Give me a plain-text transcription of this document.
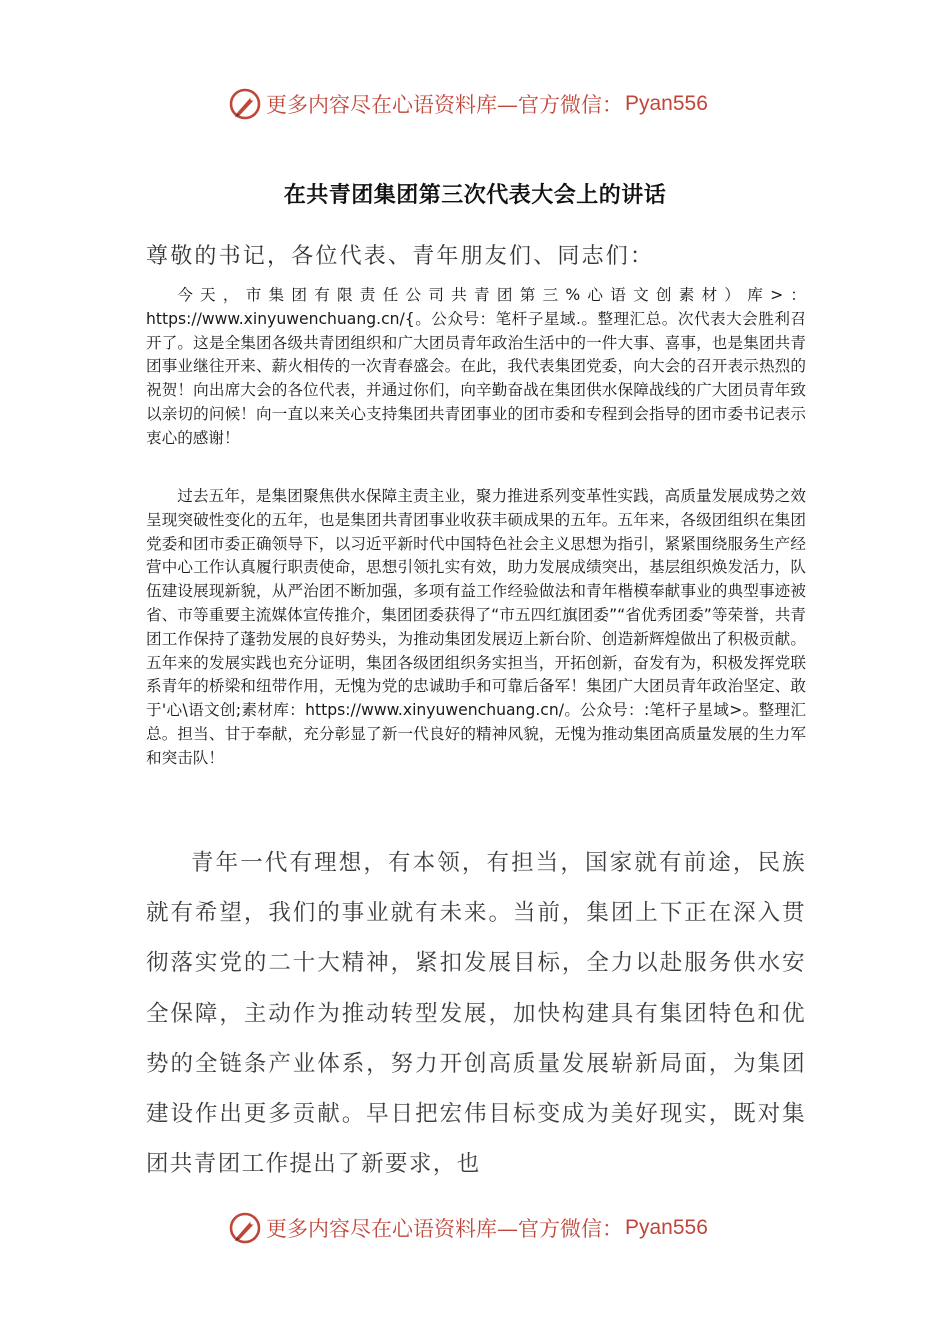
更多内容尽在心语资料库—官方微信： Pyan556
在共青团集团第三次代表大会上的讲话
尊敬的书记，各位代表、青年朋友们、同志们：

今天，市集团有限责任公司共青团第三%心语文创素材）库>：https://www.xinyuwenchuang.cn/{。公众号：笔杆子星域.。整理汇总。次代表大会胜利召开了。这是全集团各级共青团组织和广大团员青年政治生活中的一件大事、喜事，也是集团共青团事业继往开来、薪火相传的一次青春盛会。在此，我代表集团党委，向大会的召开表示热烈的祝贺！向出席大会的各位代表，并通过你们，向辛勤奋战在集团供水保障战线的广大团员青年致以亲切的问候！向一直以来关心支持集团共青团事业的团市委和专程到会指导的团市委书记表示衷心的感谢！

过去五年，是集团聚焦供水保障主责主业，聚力推进系列变革性实践，高质量发展成势之效呈现突破性变化的五年，也是集团共青团事业收获丰硕成果的五年。五年来，各级团组织在集团党委和团市委正确领导下，以习近平新时代中国特色社会主义思想为指引，紧紧围绕服务生产经营中心工作认真履行职责使命，思想引领扎实有效，助力发展成绩突出，基层组织焕发活力，队伍建设展现新貌，从严治团不断加强，多项有益工作经验做法和青年楷模奉献事业的典型事迹被省、市等重要主流媒体宣传推介，集团团委获得了“市五四红旗团委”“省优秀团委”等荣誉，共青团工作保持了蓬勃发展的良好势头，为推动集团发展迈上新台阶、创造新辉煌做出了积极贡献。五年来的发展实践也充分证明，集团各级团组织务实担当，开拓创新，奋发有为，积极发挥党联系青年的桥梁和纽带作用，无愧为党的忠诚助手和可靠后备军！集团广大团员青年政治坚定、敢于'心\语文创;素材库：https://www.xinyuwenchuang.cn/。公众号：:笔杆子星域>。整理汇总。担当、甘于奉献，充分彰显了新一代良好的精神风貌，无愧为推动集团高质量发展的生力军和突击队！

青年一代有理想，有本领，有担当，国家就有前途，民族就有希望，我们的事业就有未来。当前，集团上下正在深入贯彻落实党的二十大精神，紧扣发展目标，全力以赴服务供水安全保障，主动作为推动转型发展，加快构建具有集团特色和优势的全链条产业体系，努力开创高质量发展崭新局面，为集团建设作出更多贡献。早日把宏伟目标变成为美好现实，既对集团共青团工作提出了新要求，也

更多内容尽在心语资料库—官方微信： Pyan556
